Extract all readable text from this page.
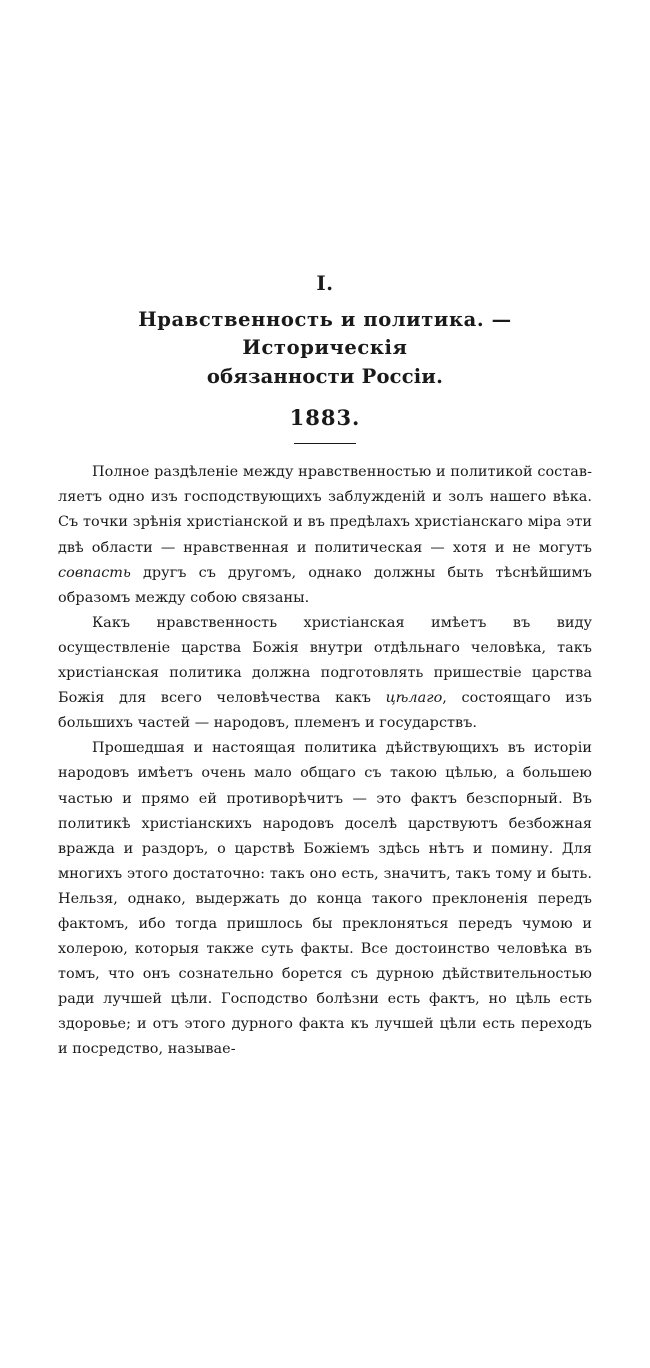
I.
Нравственность и политика. — Историческія
обязанности Россіи.
1883.

Полное раздѣленіе между нравственностью и политикой состав-ляетъ одно изъ господствующихъ заблужденій и золъ нашего вѣка. Съ точки зрѣнія христіанской и въ предѣлахъ христіанскаго міра эти двѣ области — нравственная и политическая — хотя и не могутъ совпасть другъ съ другомъ, однако должны быть тѣснѣйшимъ образомъ между собою связаны.

Какъ нравственность христіанская имѣетъ въ виду осуществленіе царства Божія внутри отдѣльнаго человѣка, такъ христіанская политика должна подготовлять пришествіе царства Божія для всего человѣчества какъ цѣлаго, состоящаго изъ большихъ частей — народовъ, племенъ и государствъ.

Прошедшая и настоящая политика дѣйствующихъ въ исторіи народовъ имѣетъ очень мало общаго съ такою цѣлью, а большею частью и прямо ей противорѣчитъ — это фактъ безспорный. Въ политикѣ христіанскихъ народовъ доселѣ царствуютъ безбожная вражда и раздоръ, о царствѣ Божіемъ здѣсь нѣтъ и помину. Для многихъ этого достаточно: такъ оно есть, значитъ, такъ тому и быть. Нельзя, однако, выдержать до конца такого преклоненія передъ фактомъ, ибо тогда пришлось бы преклоняться передъ чумою и холерою, которыя также суть факты. Все достоинство человѣка въ томъ, что онъ сознательно борется съ дурною дѣйствительностью ради лучшей цѣли. Господство болѣзни есть фактъ, но цѣль есть здоровье; и отъ этого дурного факта къ лучшей цѣли есть переходъ и посредство, называе-
